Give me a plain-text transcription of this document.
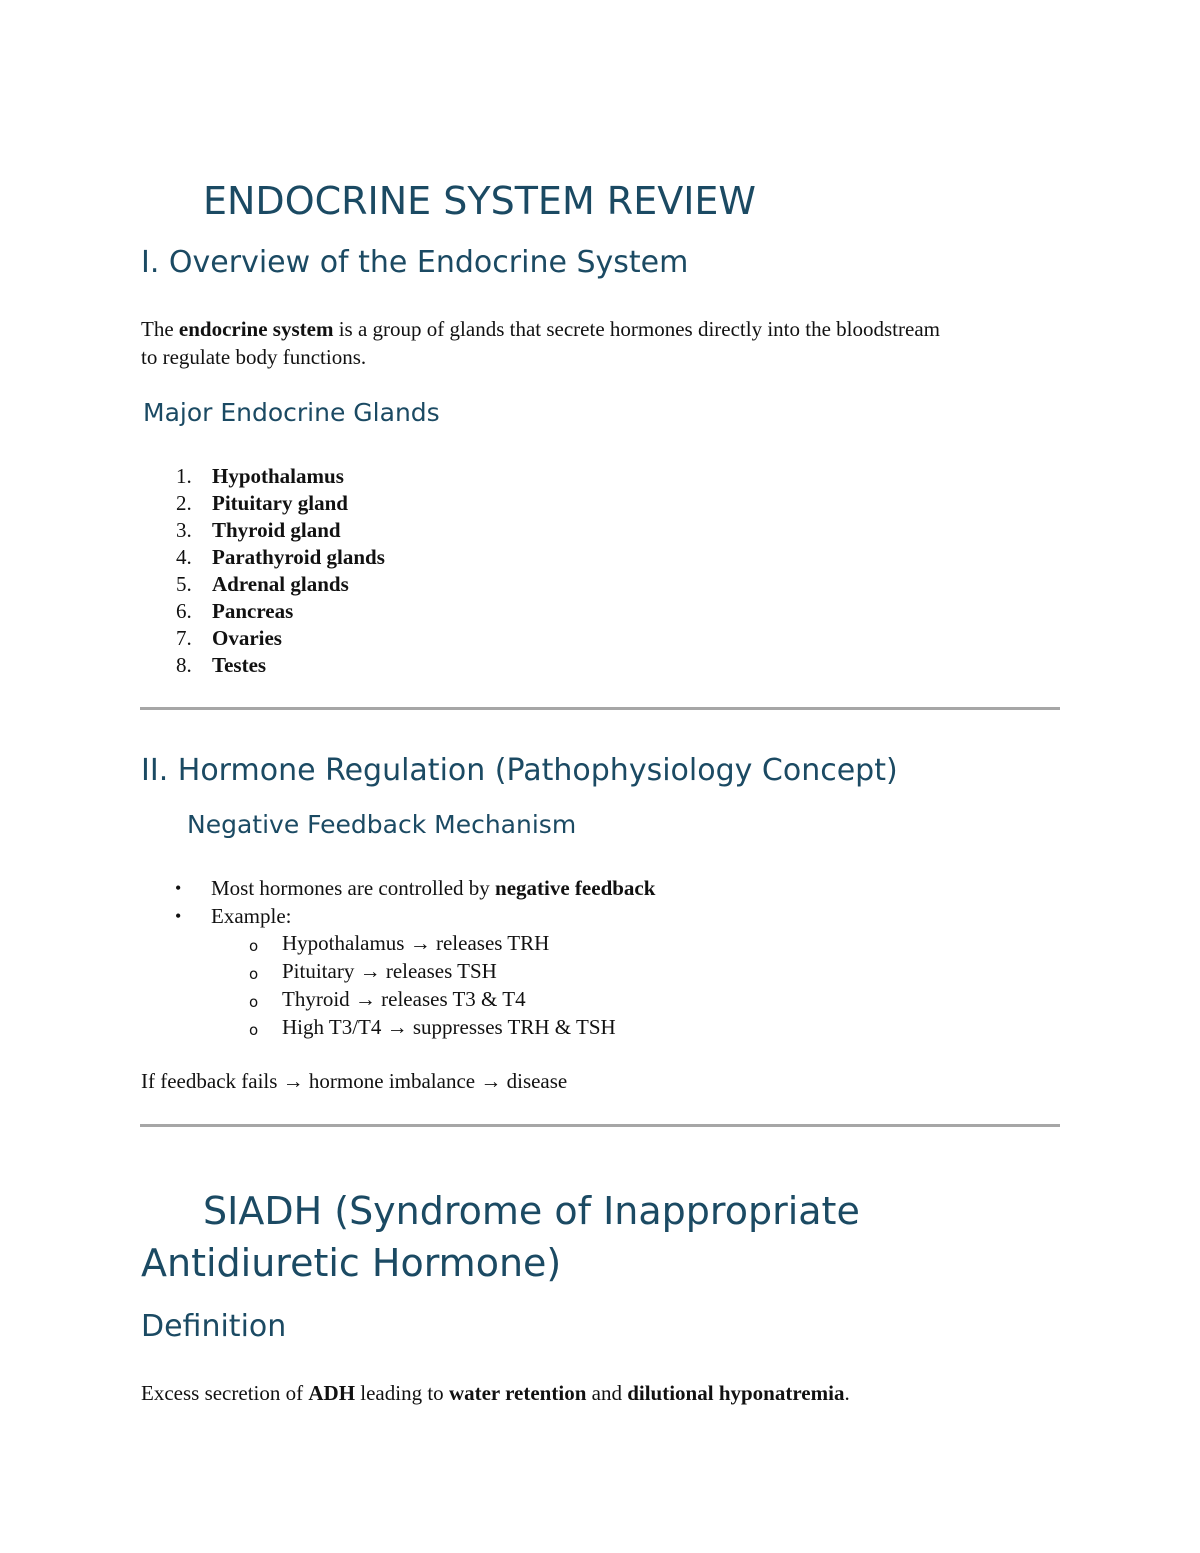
ENDOCRINE SYSTEM REVIEW
I. Overview of the Endocrine System

The endocrine system is a group of glands that secrete hormones directly into the bloodstream

to regulate body functions.

Major Endocrine Glands
1. Hypothalamus
2. Pituitary gland
3. Thyroid gland
4. Parathyroid glands
5. Adrenal glands
6. Pancreas
7. Ovaries
8. Testes
II. Hormone Regulation (Pathophysiology Concept)
Negative Feedback Mechanism
• Most hormones are controlled by negative feedback
• Example:
o Hypothalamus → releases TRH
o Pituitary → releases TSH
o Thyroid → releases T3 & T4
o High T3/T4 → suppresses TRH & TSH

If feedback fails → hormone imbalance → disease

SIADH (Syndrome of Inappropriate
Antidiuretic Hormone)
Definition

Excess secretion of ADH leading to water retention and dilutional hyponatremia.
